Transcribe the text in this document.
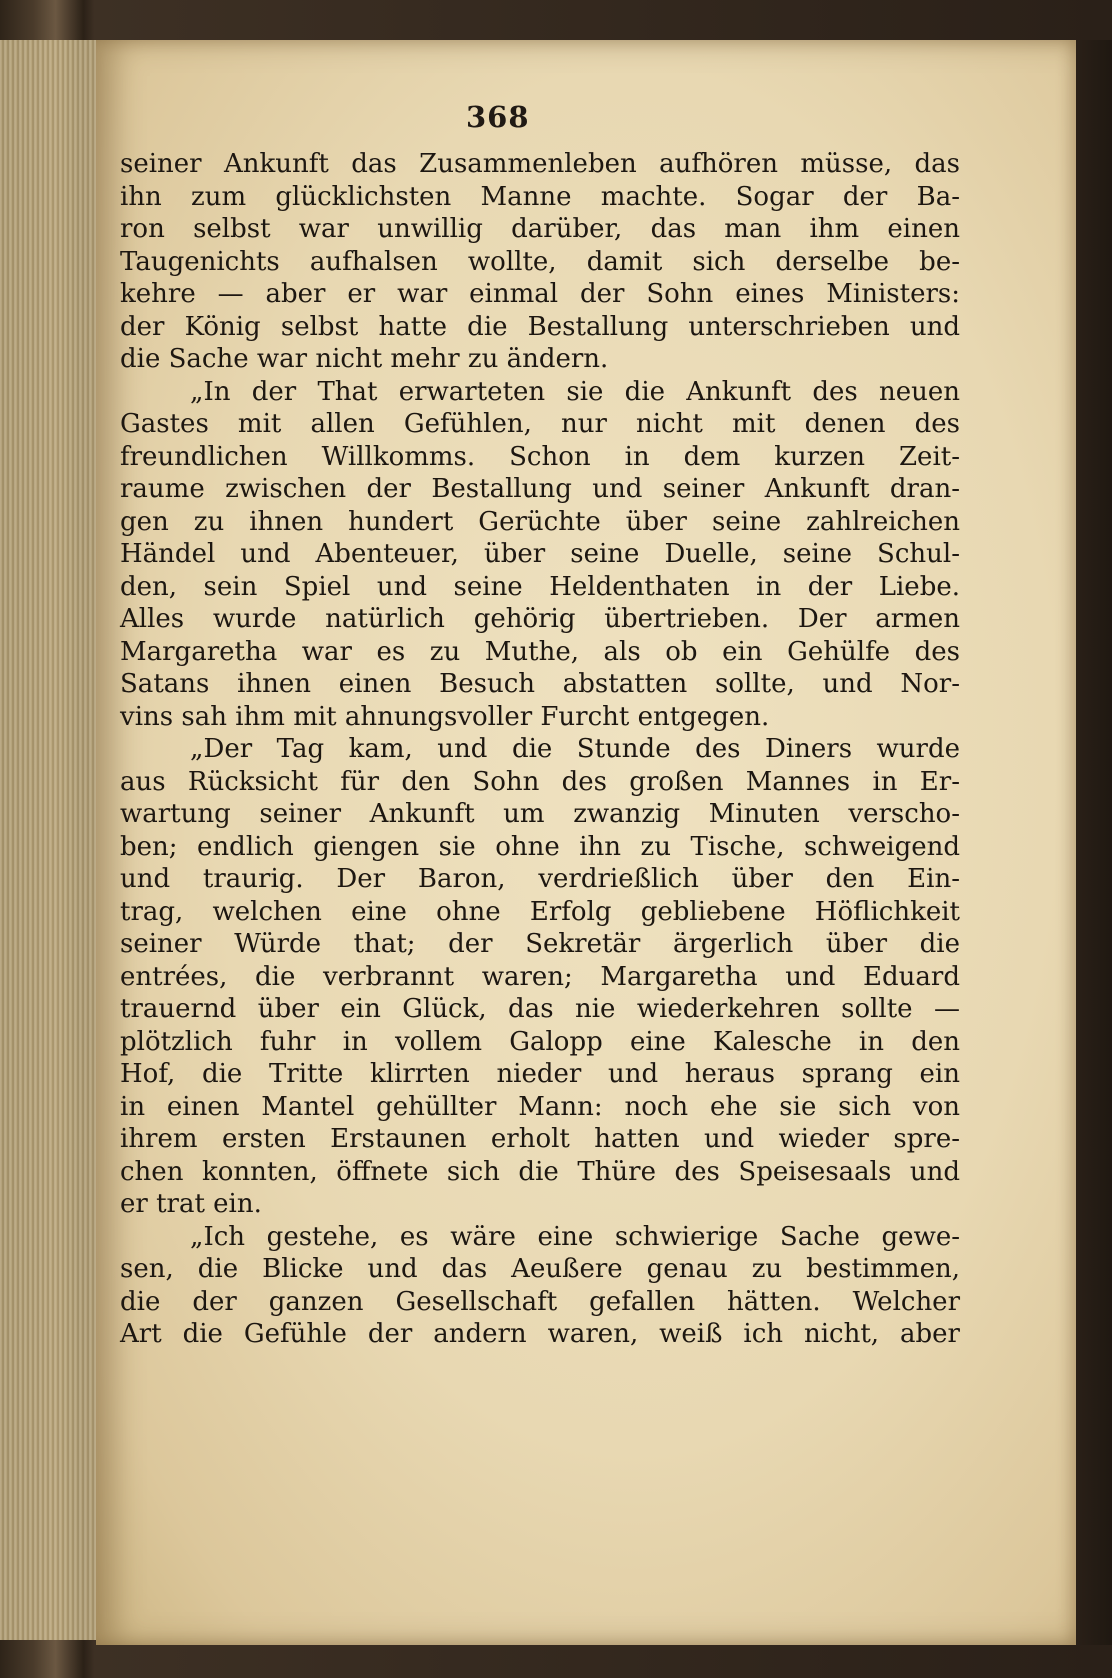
368
seiner Ankunft das Zusammenleben aufhören müsse, das
ihn zum glücklichsten Manne machte. Sogar der Ba-
ron selbst war unwillig darüber, das man ihm einen
Taugenichts aufhalsen wollte, damit sich derselbe be-
kehre — aber er war einmal der Sohn eines Ministers:
der König selbst hatte die Bestallung unterschrieben und
die Sache war nicht mehr zu ändern.
„In der That erwarteten sie die Ankunft des neuen
Gastes mit allen Gefühlen, nur nicht mit denen des
freundlichen Willkomms. Schon in dem kurzen Zeit-
raume zwischen der Bestallung und seiner Ankunft dran-
gen zu ihnen hundert Gerüchte über seine zahlreichen
Händel und Abenteuer, über seine Duelle, seine Schul-
den, sein Spiel und seine Heldenthaten in der Liebe.
Alles wurde natürlich gehörig übertrieben. Der armen
Margaretha war es zu Muthe, als ob ein Gehülfe des
Satans ihnen einen Besuch abstatten sollte, und Nor-
vins sah ihm mit ahnungsvoller Furcht entgegen.
„Der Tag kam, und die Stunde des Diners wurde
aus Rücksicht für den Sohn des großen Mannes in Er-
wartung seiner Ankunft um zwanzig Minuten verscho-
ben; endlich giengen sie ohne ihn zu Tische, schweigend
und traurig. Der Baron, verdrießlich über den Ein-
trag, welchen eine ohne Erfolg gebliebene Höflichkeit
seiner Würde that; der Sekretär ärgerlich über die
entrées, die verbrannt waren; Margaretha und Eduard
trauernd über ein Glück, das nie wiederkehren sollte —
plötzlich fuhr in vollem Galopp eine Kalesche in den
Hof, die Tritte klirrten nieder und heraus sprang ein
in einen Mantel gehüllter Mann: noch ehe sie sich von
ihrem ersten Erstaunen erholt hatten und wieder spre-
chen konnten, öffnete sich die Thüre des Speisesaals und
er trat ein.
„Ich gestehe, es wäre eine schwierige Sache gewe-
sen, die Blicke und das Aeußere genau zu bestimmen,
die der ganzen Gesellschaft gefallen hätten. Welcher
Art die Gefühle der andern waren, weiß ich nicht, aber
